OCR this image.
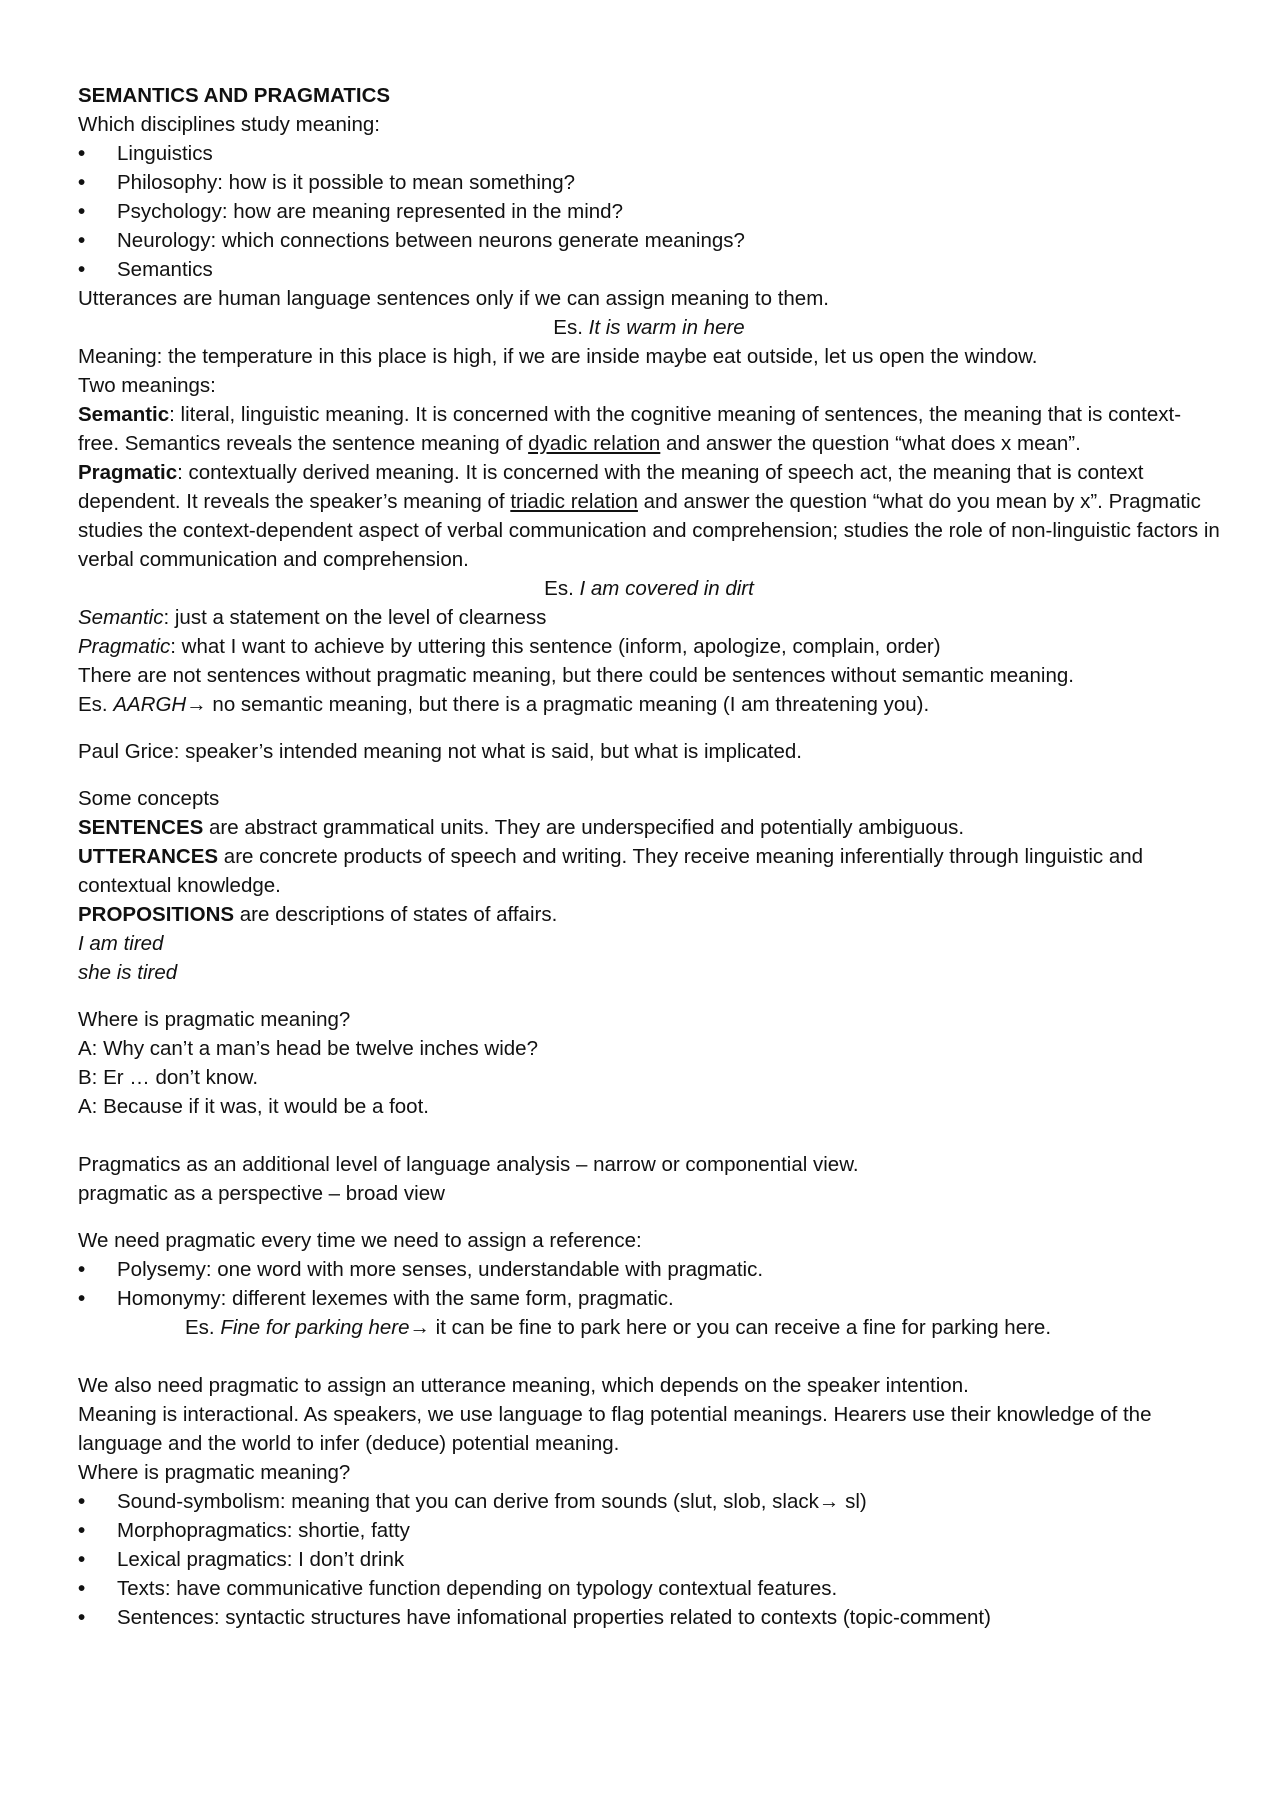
SEMANTICS AND PRAGMATICS

Which disciplines study meaning:

• Linguistics
• Philosophy: how is it possible to mean something?
• Psychology: how are meaning represented in the mind?
• Neurology: which connections between neurons generate meanings?
• Semantics

Utterances are human language sentences only if we can assign meaning to them.

Es. It is warm in here

Meaning: the temperature in this place is high, if we are inside maybe eat outside, let us open the window.

Two meanings:

Semantic: literal, linguistic meaning. It is concerned with the cognitive meaning of sentences, the meaning that is context-free. Semantics reveals the sentence meaning of dyadic relation and answer the question “what does x mean”.

Pragmatic: contextually derived meaning. It is concerned with the meaning of speech act, the meaning that is context dependent. It reveals the speaker’s meaning of triadic relation and answer the question “what do you mean by x”. Pragmatic studies the context-dependent aspect of verbal communication and comprehension; studies the role of non-linguistic factors in verbal communication and comprehension.

Es. I am covered in dirt

Semantic: just a statement on the level of clearness

Pragmatic: what I want to achieve by uttering this sentence (inform, apologize, complain, order)

There are not sentences without pragmatic meaning, but there could be sentences without semantic meaning.

Es. AARGH→ no semantic meaning, but there is a pragmatic meaning (I am threatening you).

Paul Grice: speaker’s intended meaning not what is said, but what is implicated.

Some concepts

SENTENCES are abstract grammatical units. They are underspecified and potentially ambiguous.

UTTERANCES are concrete products of speech and writing. They receive meaning inferentially through linguistic and contextual knowledge.

PROPOSITIONS are descriptions of states of affairs.

I am tired

she is tired

Where is pragmatic meaning?

A: Why can’t a man’s head be twelve inches wide?

B: Er … don’t know.

A: Because if it was, it would be a foot.

Pragmatics as an additional level of language analysis – narrow or componential view.

pragmatic as a perspective – broad view

We need pragmatic every time we need to assign a reference:

• Polysemy: one word with more senses, understandable with pragmatic.
• Homonymy: different lexemes with the same form, pragmatic.

Es. Fine for parking here→ it can be fine to park here or you can receive a fine for parking here.

We also need pragmatic to assign an utterance meaning, which depends on the speaker intention.

Meaning is interactional. As speakers, we use language to flag potential meanings. Hearers use their knowledge of the language and the world to infer (deduce) potential meaning.

Where is pragmatic meaning?

• Sound-symbolism: meaning that you can derive from sounds (slut, slob, slack→ sl)
• Morphopragmatics: shortie, fatty
• Lexical pragmatics: I don’t drink
• Texts: have communicative function depending on typology contextual features.
• Sentences: syntactic structures have infomational properties related to contexts (topic-comment)
